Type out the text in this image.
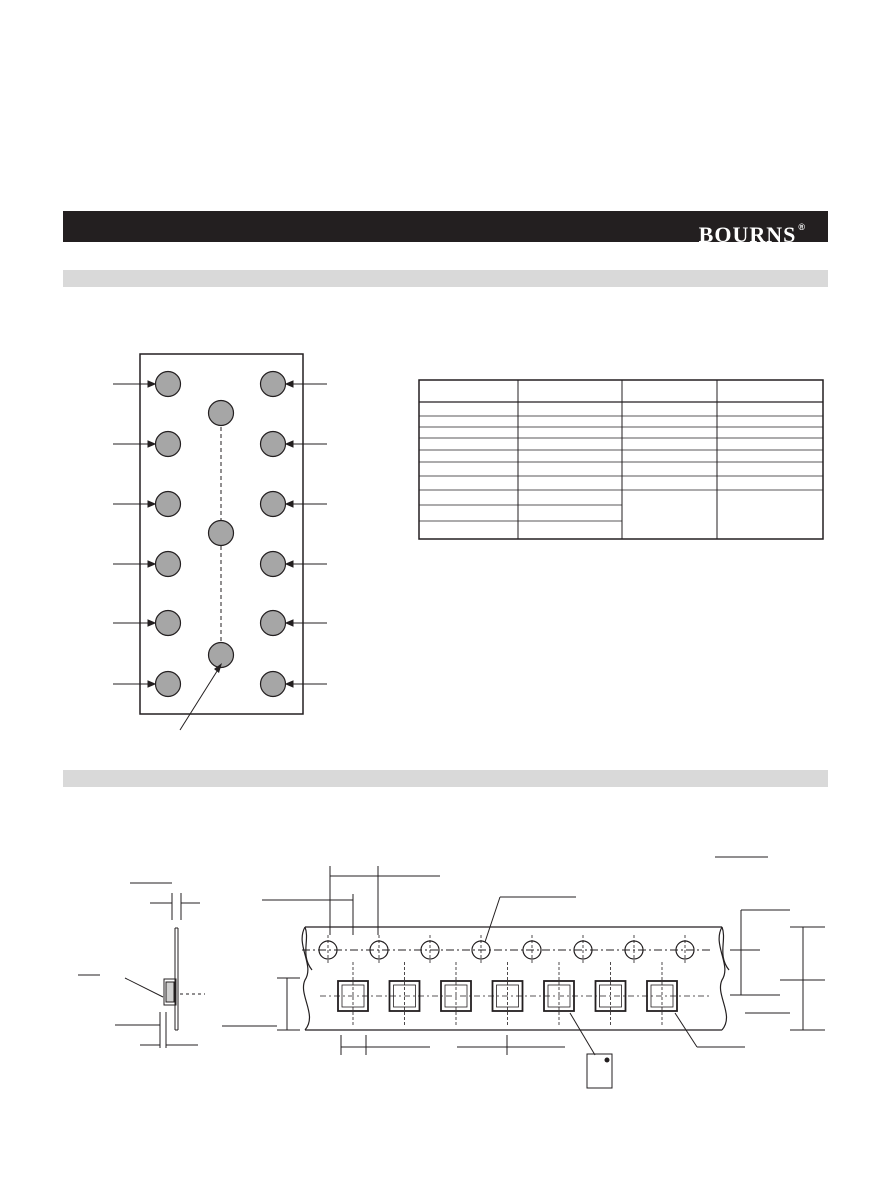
BOURNS ®
